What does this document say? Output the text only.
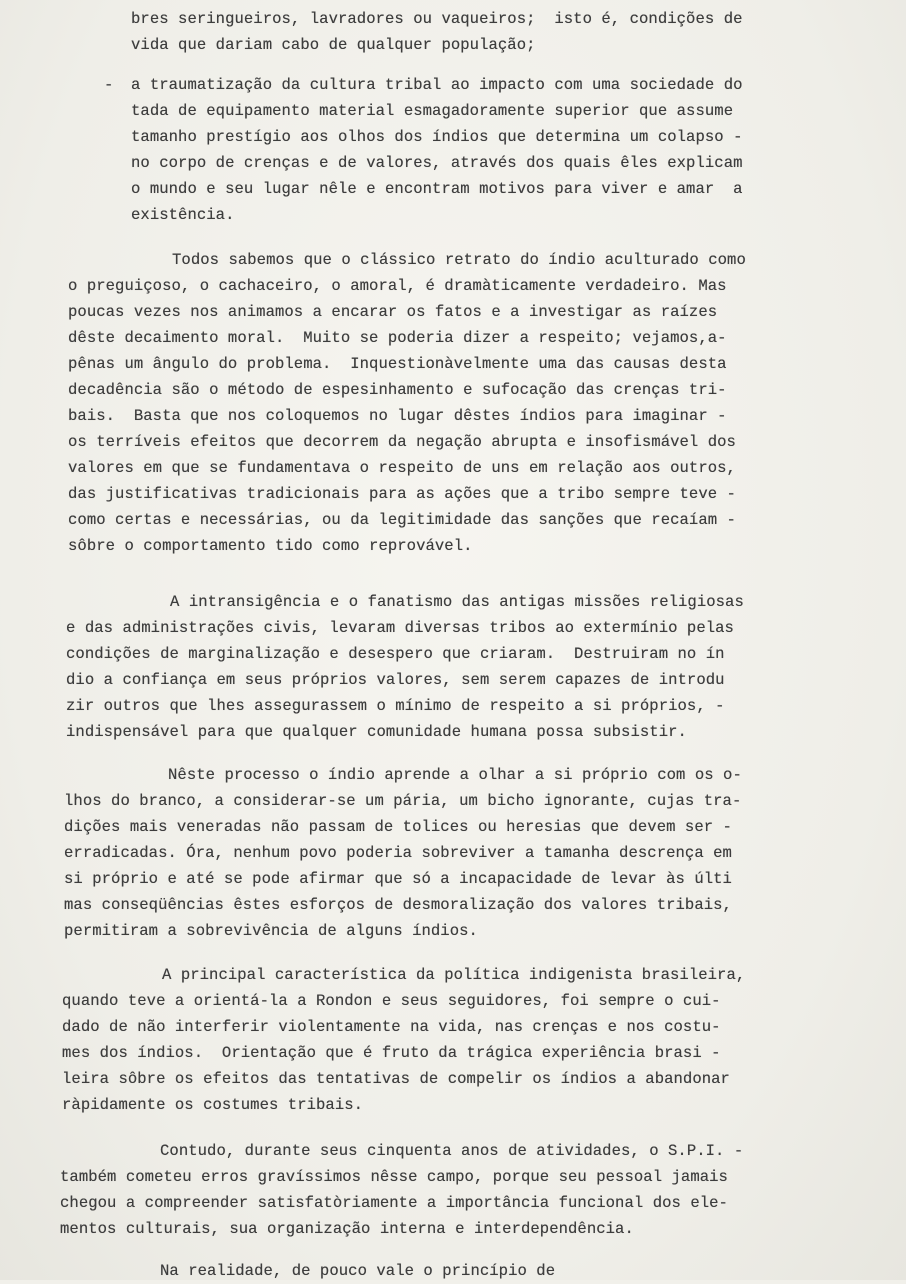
bres seringueiros, lavradores ou vaqueiros;  isto é, condições de
vida que dariam cabo de qualquer população;
- a traumatização da cultura tribal ao impacto com uma sociedade do
tada de equipamento material esmagadoramente superior que assume
tamanho prestígio aos olhos dos índios que determina um colapso -
no corpo de crenças e de valores, através dos quais êles explicam
o mundo e seu lugar nêle e encontram motivos para viver e amar  a
existência.
Todos sabemos que o clássico retrato do índio aculturado como
o preguiçoso, o cachaceiro, o amoral, é dramàticamente verdadeiro. Mas
poucas vezes nos animamos a encarar os fatos e a investigar as raízes
dêste decaimento moral.  Muito se poderia dizer a respeito; vejamos,a-
pênas um ângulo do problema.  Inquestionàvelmente uma das causas desta
decadência são o método de espesinhamento e sufocação das crenças tri-
bais.  Basta que nos coloquemos no lugar dêstes índios para imaginar -
os terríveis efeitos que decorrem da negação abrupta e insofismável dos
valores em que se fundamentava o respeito de uns em relação aos outros,
das justificativas tradicionais para as ações que a tribo sempre teve -
como certas e necessárias, ou da legitimidade das sanções que recaíam -
sôbre o comportamento tido como reprovável.
A intransigência e o fanatismo das antigas missões religiosas
e das administrações civis, levaram diversas tribos ao extermínio pelas
condições de marginalização e desespero que criaram.  Destruiram no ín
dio a confiança em seus próprios valores, sem serem capazes de introdu
zir outros que lhes assegurassem o mínimo de respeito a si próprios, -
indispensável para que qualquer comunidade humana possa subsistir.
Nêste processo o índio aprende a olhar a si próprio com os o-
lhos do branco, a considerar-se um pária, um bicho ignorante, cujas tra-
dições mais veneradas não passam de tolices ou heresias que devem ser -
erradicadas. Óra, nenhum povo poderia sobreviver a tamanha descrença em
si próprio e até se pode afirmar que só a incapacidade de levar às últi
mas conseqüências êstes esforços de desmoralização dos valores tribais,
permitiram a sobrevivência de alguns índios.
A principal característica da política indigenista brasileira,
quando teve a orientá-la a Rondon e seus seguidores, foi sempre o cui-
dado de não interferir violentamente na vida, nas crenças e nos costu-
mes dos índios.  Orientação que é fruto da trágica experiência brasi -
leira sôbre os efeitos das tentativas de compelir os índios a abandonar
ràpidamente os costumes tribais.
Contudo, durante seus cinquenta anos de atividades, o S.P.I. -
também cometeu erros gravíssimos nêsse campo, porque seu pessoal jamais
chegou a compreender satisfatòriamente a importância funcional dos ele-
mentos culturais, sua organização interna e interdependência.
Na realidade, de pouco vale o princípio de
